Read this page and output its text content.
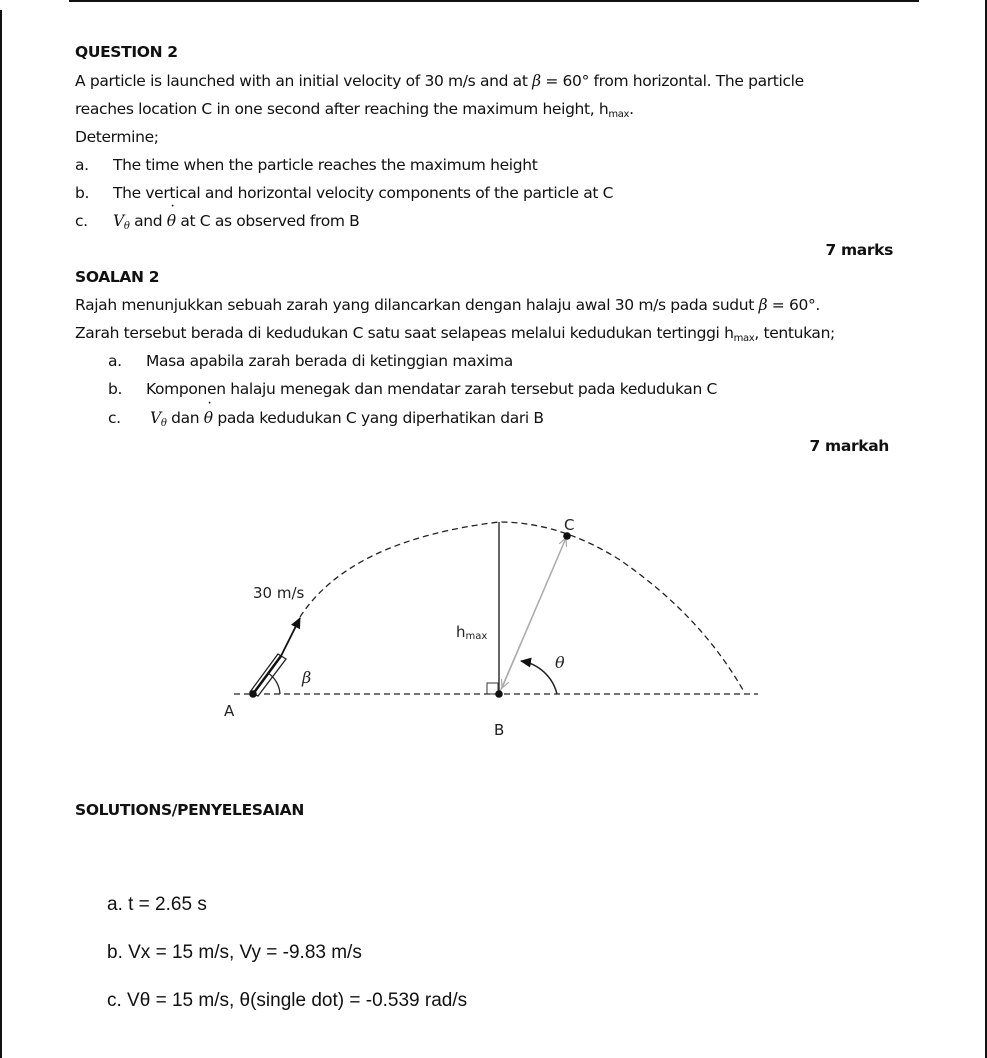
QUESTION 2
A particle is launched with an initial velocity of 30 m/s and at β = 60° from horizontal. The particle
reaches location C in one second after reaching the maximum height, hmax.
Determine;
a. The time when the particle reaches the maximum height
b. The vertical and horizontal velocity components of the particle at C
c. Vθ and ˙ θ at C as observed from B
7 marks
SOALAN 2
Rajah menunjukkan sebuah zarah yang dilancarkan dengan halaju awal 30 m/s pada sudut β = 60°.
Zarah tersebut berada di kedudukan C satu saat selapeas melalui kedudukan tertinggi hmax, tentukan;
a. Masa apabila zarah berada di ketinggian maxima
b. Komponen halaju menegak dan mendatar zarah tersebut pada kedudukan C
c. Vθ dan ˙ θ pada kedudukan C yang diperhatikan dari B
7 markah
30 m/s
hmax
β
θ
A
B
C
SOLUTIONS/PENYELESAIAN
a. t = 2.65 s
b. Vx = 15 m/s, Vy = -9.83 m/s
c. Vθ = 15 m/s, θ(single dot) = -0.539 rad/s
